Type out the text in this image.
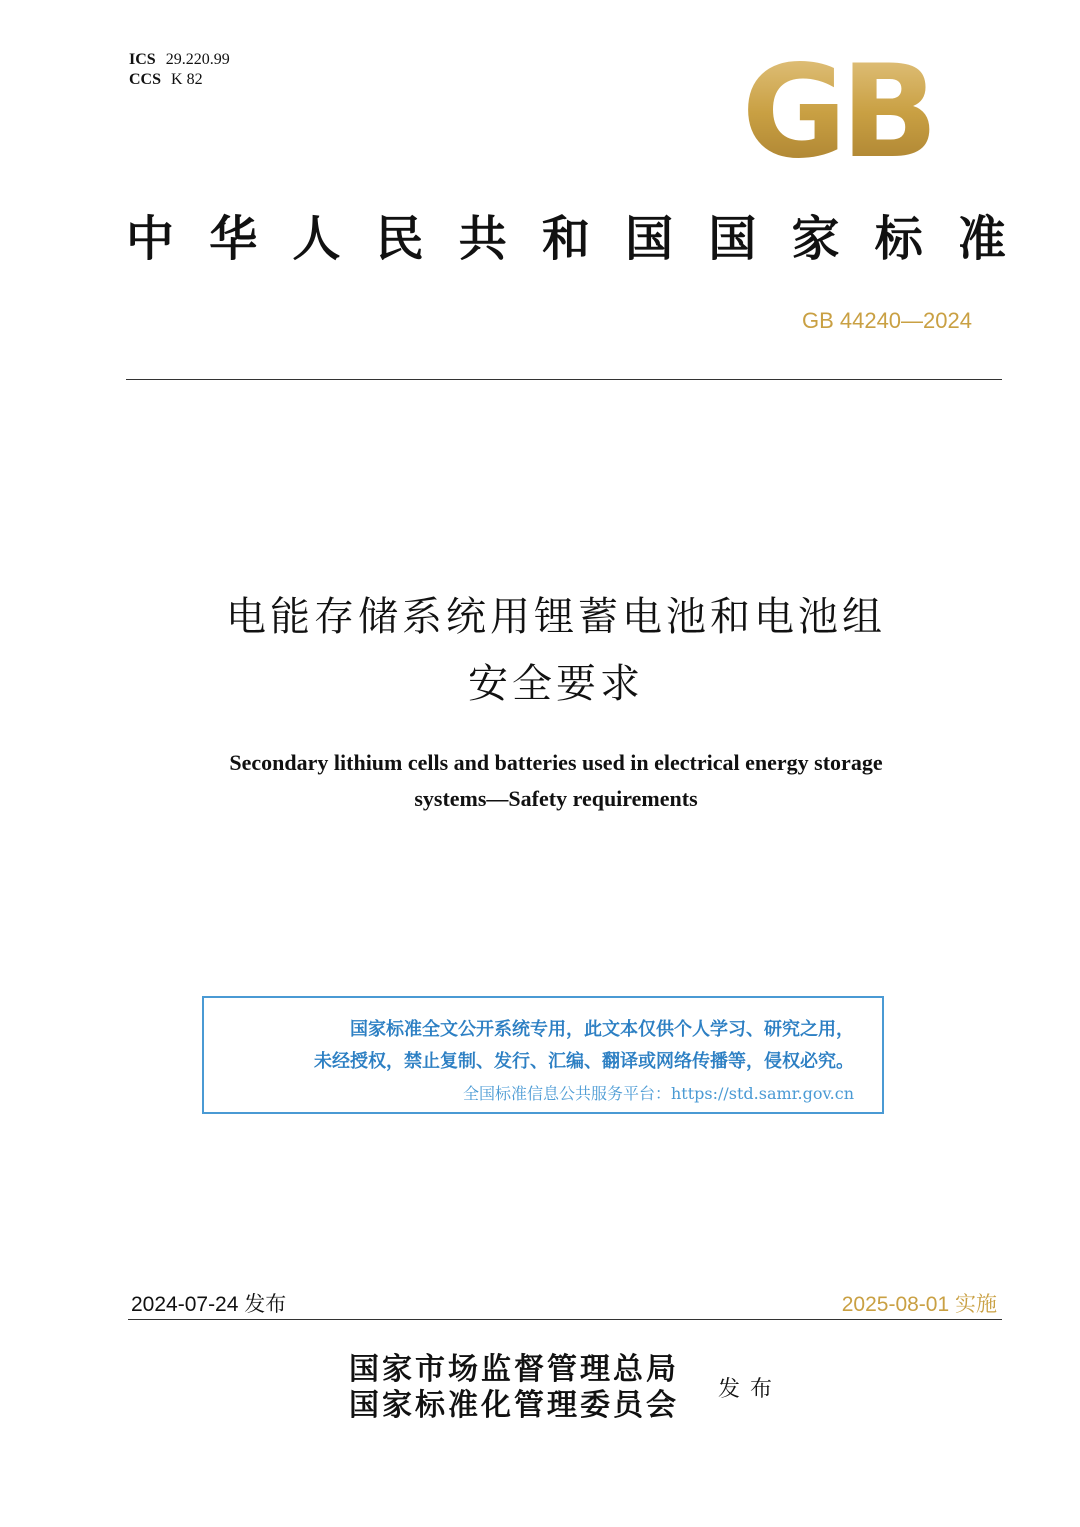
ICS 29.220.99
CCS K 82	GB
中 华 人 民 共 和 国 国 家 标 准
GB 44240—2024
电能存储系统用锂蓄电池和电池组
安全要求
Secondary lithium cells and batteries used in electrical energy storage
systems—Safety requirements
国家标准全文公开系统专用，此文本仅供个人学习、研究之用，
未经授权，禁止复制、发行、汇编、翻译或网络传播等，侵权必究。
全国标准信息公共服务平台：https://std.samr.gov.cn
2024-07-24 发布	2025-08-01 实施
国家市场监督管理总局
国家标准化管理委员会 发布
